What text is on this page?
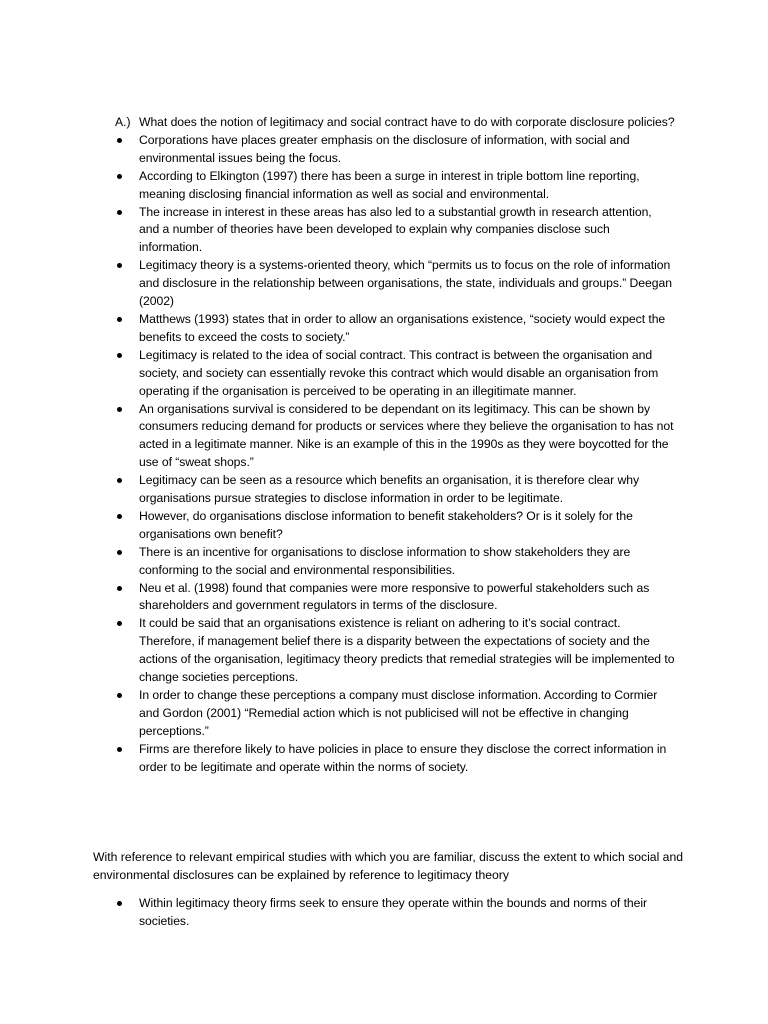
A.) What does the notion of legitimacy and social contract have to do with corporate disclosure policies?
Corporations have places greater emphasis on the disclosure of information, with social and environmental issues being the focus.
According to Elkington (1997) there has been a surge in interest in triple bottom line reporting, meaning disclosing financial information as well as social and environmental.
The increase in interest in these areas has also led to a substantial growth in research attention, and a number of theories have been developed to explain why companies disclose such information.
Legitimacy theory is a systems-oriented theory, which “permits us to focus on the role of information and disclosure in the relationship between organisations, the state, individuals and groups.” Deegan (2002)
Matthews (1993) states that in order to allow an organisations existence, “society would expect the benefits to exceed the costs to society.”
Legitimacy is related to the idea of social contract. This contract is between the organisation and society, and society can essentially revoke this contract which would disable an organisation from operating if the organisation is perceived to be operating in an illegitimate manner.
An organisations survival is considered to be dependant on its legitimacy. This can be shown by consumers reducing demand for products or services where they believe the organisation to has not acted in a legitimate manner. Nike is an example of this in the 1990s as they were boycotted for the use of “sweat shops.”
Legitimacy can be seen as a resource which benefits an organisation, it is therefore clear why organisations pursue strategies to disclose information in order to be legitimate.
However, do organisations disclose information to benefit stakeholders? Or is it solely for the organisations own benefit?
There is an incentive for organisations to disclose information to show stakeholders they are conforming to the social and environmental responsibilities.
Neu et al. (1998) found that companies were more responsive to powerful stakeholders such as shareholders and government regulators in terms of the disclosure.
It could be said that an organisations existence is reliant on adhering to it’s social contract. Therefore, if management belief there is a disparity between the expectations of society and the actions of the organisation, legitimacy theory predicts that remedial strategies will be implemented to change societies perceptions.
In order to change these perceptions a company must disclose information. According to Cormier and Gordon (2001) “Remedial action which is not publicised will not be effective in changing perceptions.”
Firms are therefore likely to have policies in place to ensure they disclose the correct information in order to be legitimate and operate within the norms of society.
With reference to relevant empirical studies with which you are familiar, discuss the extent to which social and environmental disclosures can be explained by reference to legitimacy theory
Within legitimacy theory firms seek to ensure they operate within the bounds and norms of their societies.
